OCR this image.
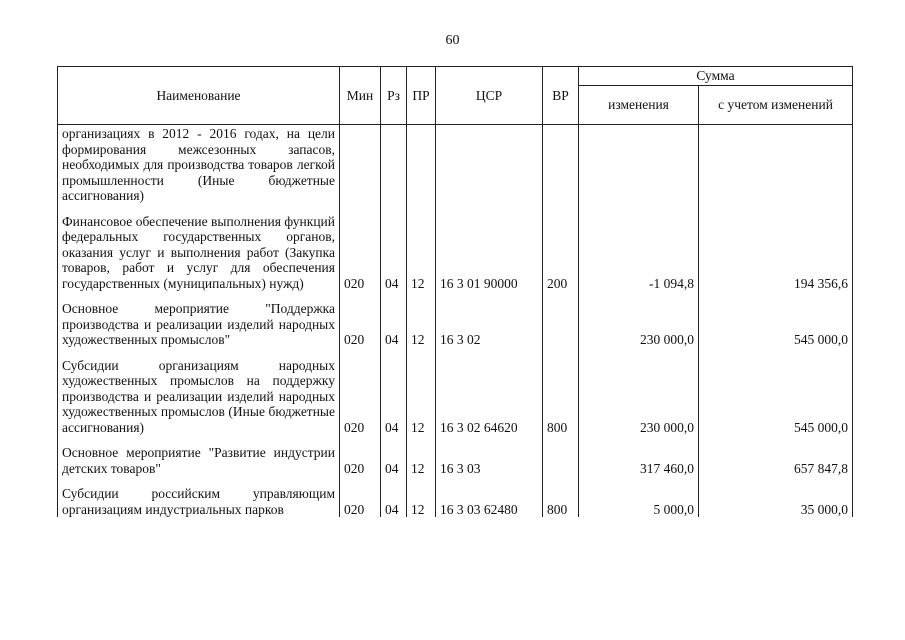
60
Наименование	Мин	Рз	ПР	ЦСР	ВР	Сумма	
						изменения	с учетом изменений
организациях в 2012 - 2016 годах, на цели формирования межсезонных запасов, необходимых для производства товаров легкой промышленности (Иные бюджетные ассигнования)							
Финансовое обеспечение выполнения функций федеральных государственных органов, оказания услуг и выполнения работ (Закупка товаров, работ и услуг для обеспечения государственных (муниципальных) нужд)	020	04	12	16 3 01 90000	200	-1 094,8	194 356,6
Основное мероприятие "Поддержка производства и реализации изделий народных художественных промыслов"	020	04	12	16 3 02		230 000,0	545 000,0
Субсидии организациям народных художественных промыслов на поддержку производства и реализации изделий народных художественных промыслов (Иные бюджетные ассигнования)	020	04	12	16 3 02 64620	800	230 000,0	545 000,0
Основное мероприятие "Развитие индустрии детских товаров"	020	04	12	16 3 03		317 460,0	657 847,8
Субсидии российским управляющим организациям индустриальных парков	020	04	12	16 3 03 62480	800	5 000,0	35 000,0
